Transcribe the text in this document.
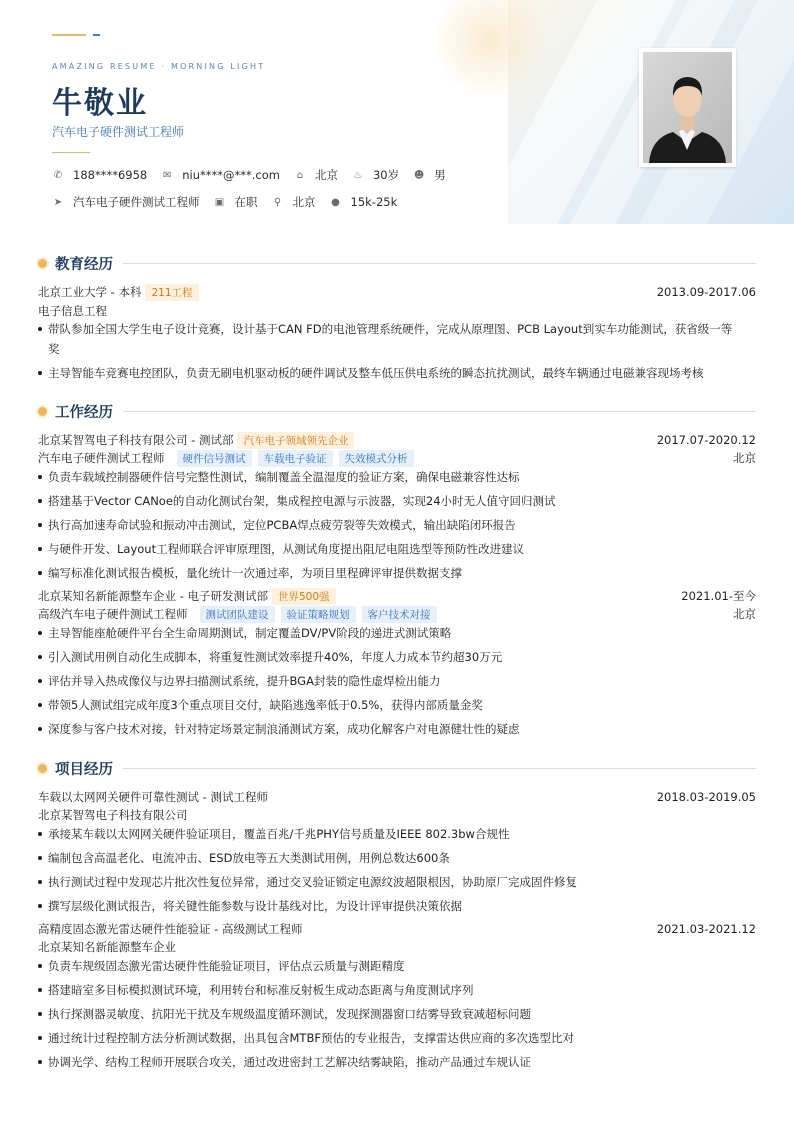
AMAZING RESUME · MORNING LIGHT
牛敬业
汽车电子硬件测试工程师
✆ 188****6958 ✉ niu****@***.com ⌂ 北京 ♨ 30岁 ☻ 男
➤ 汽车电子硬件测试工程师 ▣ 在职 ⚲ 北京 ● 15k-25k
教育经历
北京工业大学 - 本科 211工程	2013.09-2017.06
电子信息工程
带队参加全国大学生电子设计竞赛，设计基于CAN FD的电池管理系统硬件，完成从原理图、PCB Layout到实车功能测试，获省级一等
奖
主导智能车竞赛电控团队，负责无刷电机驱动板的硬件调试及整车低压供电系统的瞬态抗扰测试，最终车辆通过电磁兼容现场考核
工作经历
北京某智驾电子科技有限公司 - 测试部 汽车电子领域领先企业	2017.07-2020.12
汽车电子硬件测试工程师	硬件信号测试	车载电子验证	失效模式分析	北京
负责车载域控制器硬件信号完整性测试，编制覆盖全温湿度的验证方案，确保电磁兼容性达标
搭建基于Vector CANoe的自动化测试台架，集成程控电源与示波器，实现24小时无人值守回归测试
执行高加速寿命试验和振动冲击测试，定位PCBA焊点疲劳裂等失效模式，输出缺陷闭环报告
与硬件开发、Layout工程师联合评审原理图，从测试角度提出阻尼电阻选型等预防性改进建议
编写标准化测试报告模板，量化统计一次通过率，为项目里程碑评审提供数据支撑
北京某知名新能源整车企业 - 电子研发测试部 世界500强	2021.01-至今
高级汽车电子硬件测试工程师	测试团队建设	验证策略规划	客户技术对接	北京
主导智能座舱硬件平台全生命周期测试，制定覆盖DV/PV阶段的递进式测试策略
引入测试用例自动化生成脚本，将重复性测试效率提升40%，年度人力成本节约超30万元
评估并导入热成像仪与边界扫描测试系统，提升BGA封装的隐性虚焊检出能力
带领5人测试组完成年度3个重点项目交付，缺陷逃逸率低于0.5%，获得内部质量金奖
深度参与客户技术对接，针对特定场景定制浪涌测试方案，成功化解客户对电源健壮性的疑虑
项目经历
车载以太网网关硬件可靠性测试 - 测试工程师	2018.03-2019.05
北京某智驾电子科技有限公司
承接某车载以太网网关硬件验证项目，覆盖百兆/千兆PHY信号质量及IEEE 802.3bw合规性
编制包含高温老化、电流冲击、ESD放电等五大类测试用例，用例总数达600条
执行测试过程中发现芯片批次性复位异常，通过交叉验证锁定电源纹波超限根因，协助原厂完成固件修复
撰写层级化测试报告，将关键性能参数与设计基线对比，为设计评审提供决策依据
高精度固态激光雷达硬件性能验证 - 高级测试工程师	2021.03-2021.12
北京某知名新能源整车企业
负责车规级固态激光雷达硬件性能验证项目，评估点云质量与测距精度
搭建暗室多目标模拟测试环境，利用转台和标准反射板生成动态距离与角度测试序列
执行探测器灵敏度、抗阳光干扰及车规级温度循环测试，发现探测器窗口结雾导致衰减超标问题
通过统计过程控制方法分析测试数据，出具包含MTBF预估的专业报告，支撑雷达供应商的多次选型比对
协调光学、结构工程师开展联合攻关，通过改进密封工艺解决结雾缺陷，推动产品通过车规认证
